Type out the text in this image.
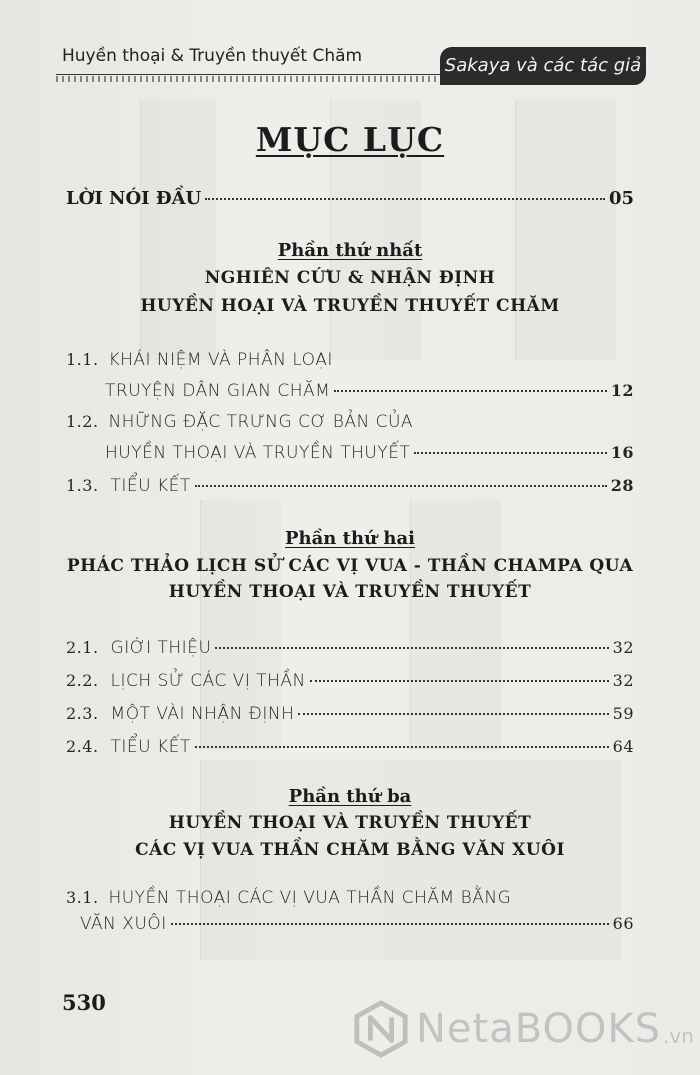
Huyền thoại & Truyền thuyết Chăm	Sakaya và các tác giả
MỤC LỤC
LỜI NÓI ĐẦU	05
Phần thứ nhất
NGHIÊN CỨU & NHẬN ĐỊNH
HUYỀN HOẠI VÀ TRUYỀN THUYẾT CHĂM
1.1. KHÁI NIỆM VÀ PHÂN LOẠI
TRUYỆN DÂN GIAN CHĂM	12
1.2. NHỮNG ĐẶC TRƯNG CƠ BẢN CỦA
HUYỀN THOẠI VÀ TRUYỀN THUYẾT	16
1.3. TIỂU KẾT	28
Phần thứ hai
PHÁC THẢO LỊCH SỬ CÁC VỊ VUA - THẦN CHAMPA QUA
HUYỀN THOẠI VÀ TRUYỀN THUYẾT
2.1. GIỚI THIỆU	32
2.2. LỊCH SỬ CÁC VỊ THẦN	32
2.3. MỘT VÀI NHẬN ĐỊNH	59
2.4. TIỂU KẾT	64
Phần thứ ba
HUYỀN THOẠI VÀ TRUYỀN THUYẾT
CÁC VỊ VUA THẦN CHĂM BẰNG VĂN XUÔI
3.1. HUYỀN THOẠI CÁC VỊ VUA THẦN CHĂM BẰNG
VĂN XUÔI	66
530
NetaBOOKS .vn
